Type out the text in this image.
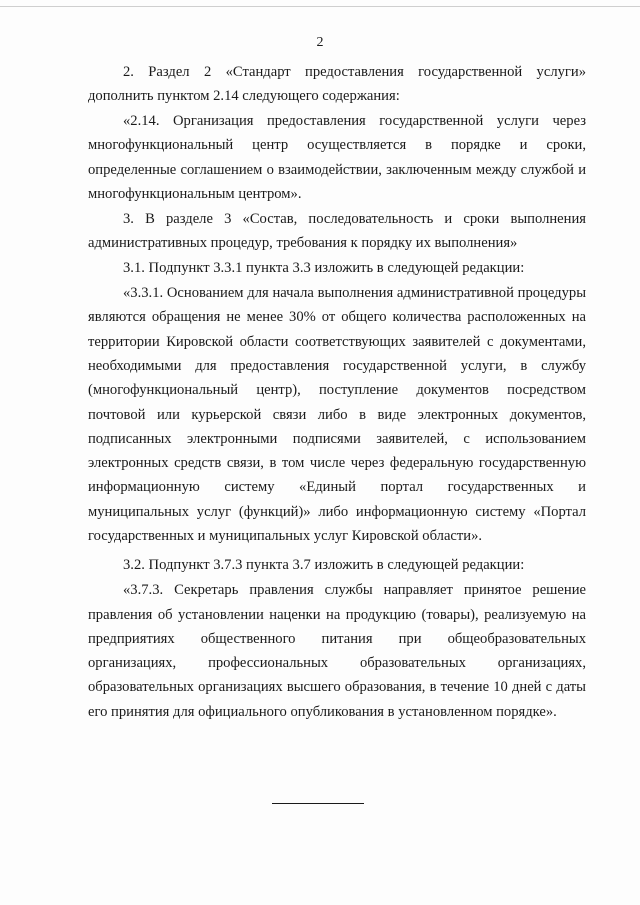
2

2. Раздел 2 «Стандарт предоставления государственной услуги» дополнить пунктом 2.14 следующего содержания:

«2.14. Организация предоставления государственной услуги через многофункциональный центр осуществляется в порядке и сроки, определенные соглашением о взаимодействии, заключенным между службой и многофункциональным центром».

3. В разделе 3 «Состав, последовательность и сроки выполнения административных процедур, требования к порядку их выполнения»

3.1. Подпункт 3.3.1 пункта 3.3 изложить в следующей редакции:

«3.3.1. Основанием для начала выполнения административной процедуры являются обращения не менее 30% от общего количества расположенных на территории Кировской области соответствующих заявителей с документами, необходимыми для предоставления государственной услуги, в службу (многофункциональный центр), поступление документов посредством почтовой или курьерской связи либо в виде электронных документов, подписанных электронными подписями заявителей, с использованием электронных средств связи, в том числе через федеральную государственную информационную систему «Единый портал государственных и муниципальных услуг (функций)» либо информационную систему «Портал государственных и муниципальных услуг Кировской области».

3.2. Подпункт 3.7.3 пункта 3.7 изложить в следующей редакции:

«3.7.3. Секретарь правления службы направляет принятое решение правления об установлении наценки на продукцию (товары), реализуемую на предприятиях общественного питания при общеобразовательных организациях, профессиональных образовательных организациях, образовательных организациях высшего образования, в течение 10 дней с даты его принятия для официального опубликования в установленном порядке».
